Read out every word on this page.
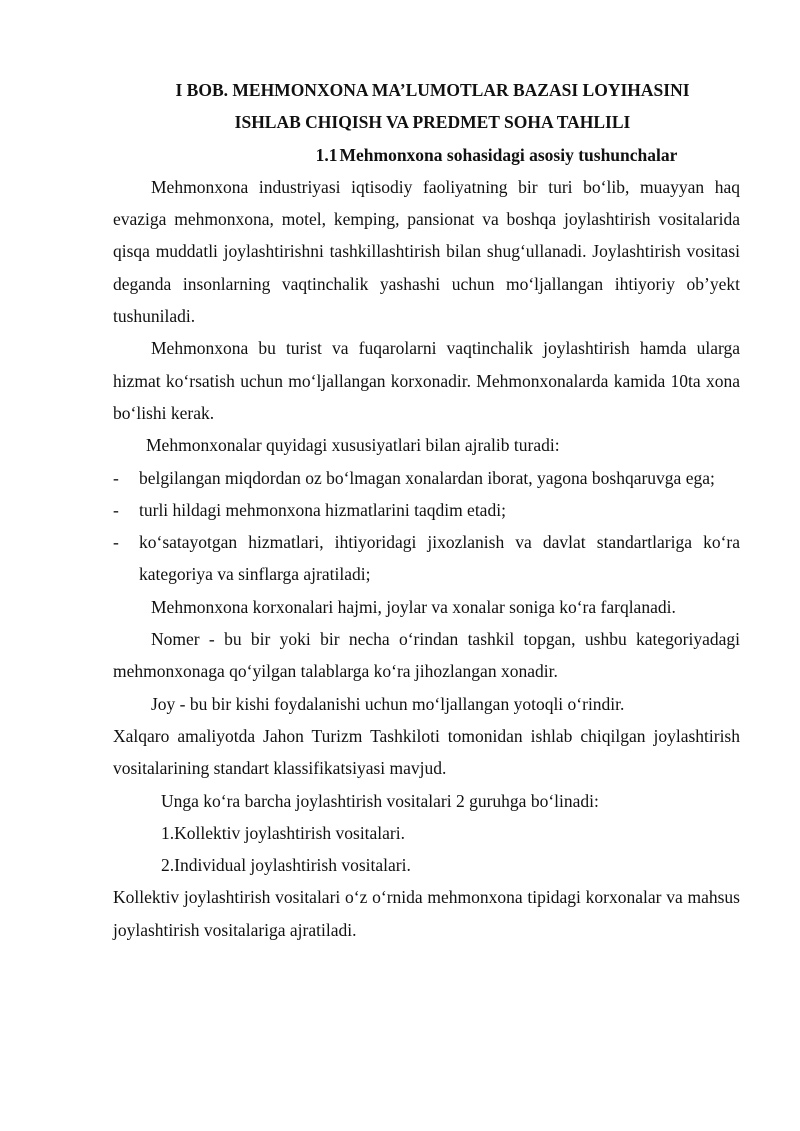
I BOB. MEHMONXONA MA’LUMOTLAR BAZASI LOYIHASINI
ISHLAB CHIQISH VA PREDMET SOHA TAHLILI
1.1 Mehmonxona sohasidagi asosiy tushunchalar

Mehmonxona industriyasi iqtisodiy faoliyatning bir turi bo‘lib, muayyan haq evaziga mehmonxona, motel, kemping, pansionat va boshqa joylashtirish vositalarida qisqa muddatli joylashtirishni tashkillashtirish bilan shug‘ullanadi. Joylashtirish vositasi deganda insonlarning vaqtinchalik yashashi uchun mo‘ljallangan ihtiyoriy ob’yekt tushuniladi.

Mehmonxona bu turist va fuqarolarni vaqtinchalik joylashtirish hamda ularga hizmat ko‘rsatish uchun mo‘ljallangan korxonadir. Mehmonxonalarda kamida 10ta xona bo‘lishi kerak.

Mehmonxonalar quyidagi xususiyatlari bilan ajralib turadi:

- belgilangan miqdordan oz bo‘lmagan xonalardan iborat, yagona boshqaruvga ega;
- turli hildagi mehmonxona hizmatlarini taqdim etadi;
- ko‘satayotgan hizmatlari, ihtiyoridagi jixozlanish va davlat standartlariga ko‘ra kategoriya va sinflarga ajratiladi;

Mehmonxona korxonalari hajmi, joylar va xonalar soniga ko‘ra farqlanadi.

Nomer - bu bir yoki bir necha o‘rindan tashkil topgan, ushbu kategoriyadagi mehmonxonaga qo‘yilgan talablarga ko‘ra jihozlangan xonadir.

Joy - bu bir kishi foydalanishi uchun mo‘ljallangan yotoqli o‘rindir.

Xalqaro amaliyotda Jahon Turizm Tashkiloti tomonidan ishlab chiqilgan joylashtirish vositalarining standart klassifikatsiyasi mavjud.

Unga ko‘ra barcha joylashtirish vositalari 2 guruhga bo‘linadi:

1.Kollektiv joylashtirish vositalari.

2.Individual joylashtirish vositalari.

Kollektiv joylashtirish vositalari o‘z o‘rnida mehmonxona tipidagi korxonalar va mahsus joylashtirish vositalariga ajratiladi.
